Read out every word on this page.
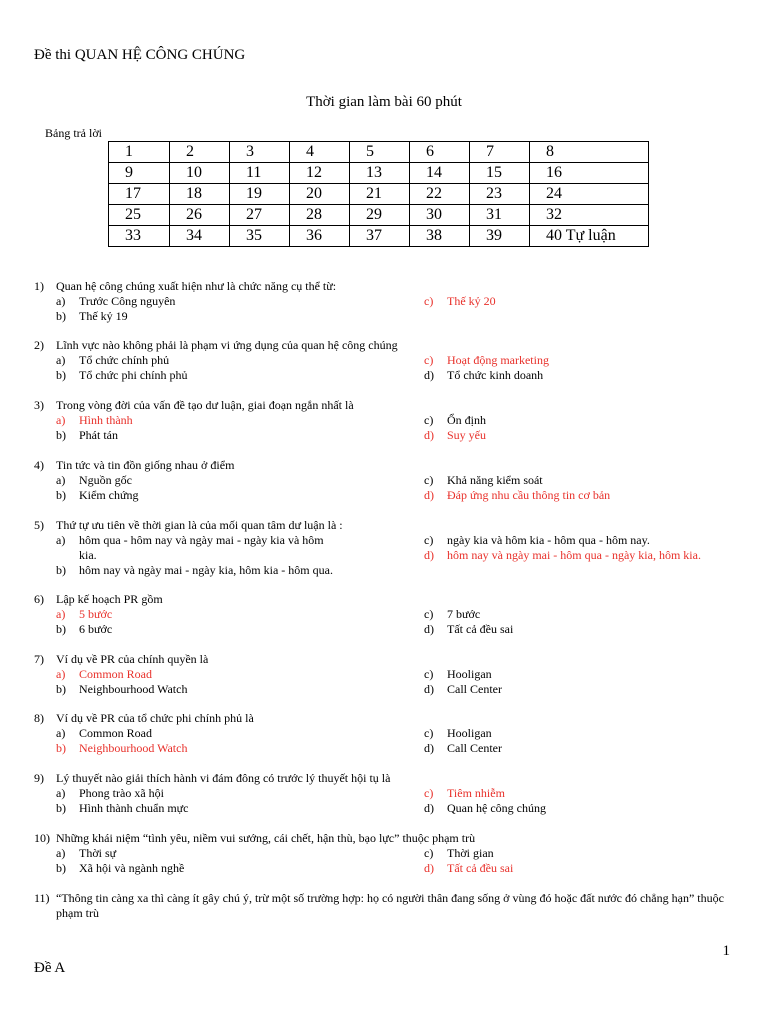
Đề thi QUAN HỆ CÔNG CHÚNG
Thời gian làm bài 60 phút
Bảng trả lời
1	2	3	4	5	6	7	8
9	10	11	12	13	14	15	16
17	18	19	20	21	22	23	24
25	26	27	28	29	30	31	32
33	34	35	36	37	38	39	40 Tự luận
1) Quan hệ công chúng xuất hiện như là chức năng cụ thể từ:
a) Trước Công nguyên	c) Thế kỷ 20
b) Thế kỷ 19
2) Lĩnh vực nào không phải là phạm vi ứng dụng của quan hệ công chúng
a) Tổ chức chính phủ	c) Hoạt động marketing
b) Tổ chức phi chính phủ	d) Tổ chức kinh doanh
3) Trong vòng đời của vấn đề tạo dư luận, giai đoạn ngắn nhất là
a) Hình thành	c) Ổn định
b) Phát tán	d) Suy yếu
4) Tin tức và tin đồn giống nhau ở điểm
a) Nguồn gốc	c) Khả năng kiểm soát
b) Kiểm chứng	d) Đáp ứng nhu cầu thông tin cơ bản
5) Thứ tự ưu tiên về thời gian là của mối quan tâm dư luận là :
a) hôm qua - hôm nay và ngày mai - ngày kia và hôm	c) ngày kia và hôm kia - hôm qua - hôm nay.
kia.	d) hôm nay và ngày mai - hôm qua - ngày kia, hôm kia.
b) hôm nay và ngày mai - ngày kia, hôm kia - hôm qua.
6) Lập kế hoạch PR gồm
a) 5 bước	c) 7 bước
b) 6 bước	d) Tất cả đều sai
7) Ví dụ về PR của chính quyền là
a) Common Road	c) Hooligan
b) Neighbourhood Watch	d) Call Center
8) Ví dụ về PR của tổ chức phi chính phủ là
a) Common Road	c) Hooligan
b) Neighbourhood Watch	d) Call Center
9) Lý thuyết nào giải thích hành vi đám đông có trước lý thuyết hội tụ là
a) Phong trào xã hội	c) Tiêm nhiễm
b) Hình thành chuẩn mực	d) Quan hệ công chúng
10) Những khái niệm “tình yêu, niềm vui sướng, cái chết, hận thù, bạo lực” thuộc phạm trù
a) Thời sự	c) Thời gian
b) Xã hội và ngành nghề	d) Tất cả đều sai
11) “Thông tin càng xa thì càng ít gây chú ý, trừ một số trường hợp: họ có người thân đang sống ở vùng đó hoặc đất nước đó chẳng hạn” thuộc phạm trù
1
Đề A
